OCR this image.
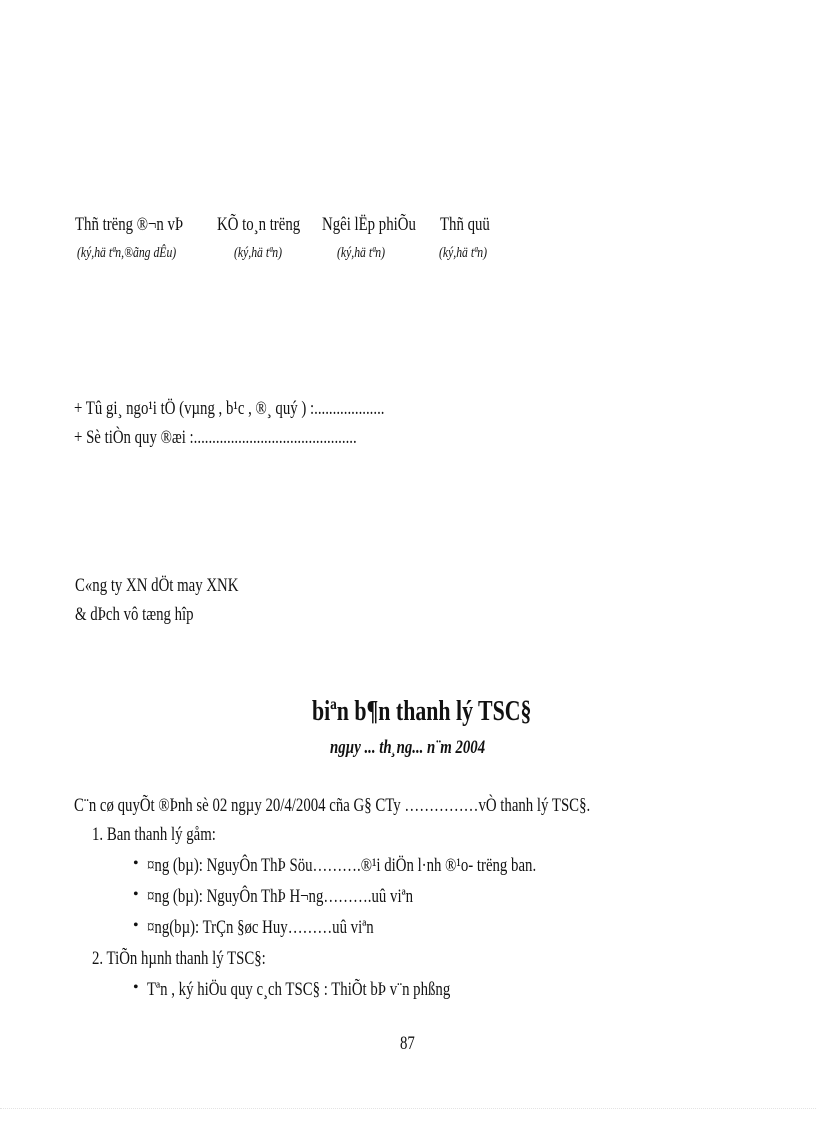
Thñ trëng ®¬n vÞ
(ký,hä tªn,®ãng dÊu)
KÕ to¸n trëng
(ký,hä tªn)
Ngêi lËp phiÕu
(ký,hä tªn)
Thñ quü
(ký,hä tªn)
+ Tû gi¸ ngo¹i tÖ (vµng , b¹c , ®¸ quý ) :...................
+ Sè tiÒn quy ®æi :............................................
C«ng ty XN dÖt may XNK
& dÞch vô tæng hîp
biªn b¶n thanh lý TSC§
ngµy ... th¸ng... n¨m 2004
C¨n cø quyÕt ®Þnh sè 02 ngµy 20/4/2004 cña G§ CTy ……………vÒ thanh lý TSC§.
1. Ban thanh lý gåm:
• ¤ng (bµ): NguyÔn ThÞ Söu……….®¹i diÖn l·nh ®¹o- trëng ban.
• ¤ng (bµ): NguyÔn ThÞ H¬ng……….uû viªn
• ¤ng(bµ): TrÇn §øc Huy………uû viªn
2. TiÕn hµnh thanh lý TSC§:
• Tªn , ký hiÖu quy c¸ch TSC§ : ThiÕt bÞ v¨n phßng
87
